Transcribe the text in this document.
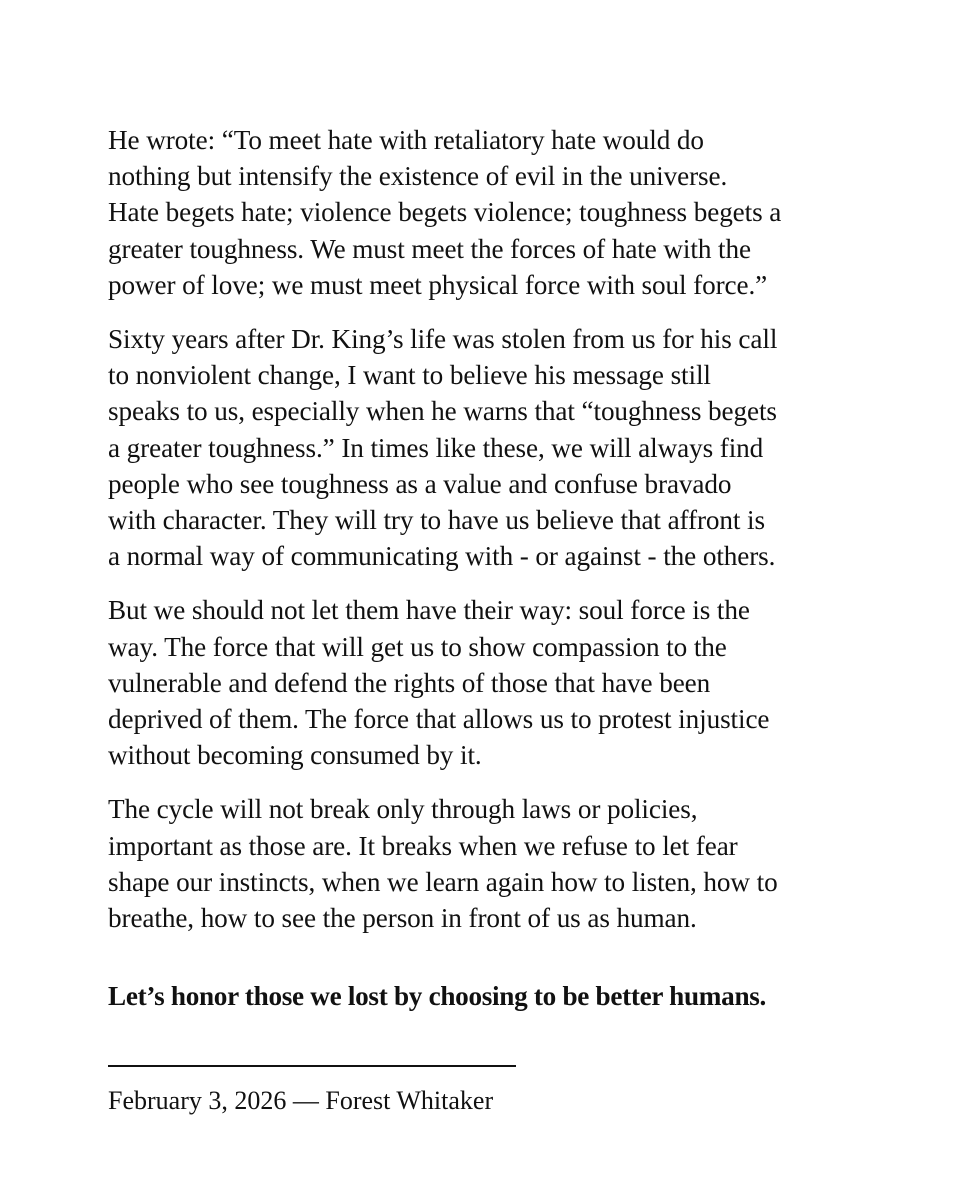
He wrote: “To meet hate with retaliatory hate would do
nothing but intensify the existence of evil in the universe.
Hate begets hate; violence begets violence; toughness begets a
greater toughness. We must meet the forces of hate with the
power of love; we must meet physical force with soul force.”

Sixty years after Dr. King’s life was stolen from us for his call
to nonviolent change, I want to believe his message still
speaks to us, especially when he warns that “toughness begets
a greater toughness.” In times like these, we will always find
people who see toughness as a value and confuse bravado
with character. They will try to have us believe that affront is
a normal way of communicating with - or against - the others.

But we should not let them have their way: soul force is the
way. The force that will get us to show compassion to the
vulnerable and defend the rights of those that have been
deprived of them. The force that allows us to protest injustice
without becoming consumed by it.

The cycle will not break only through laws or policies,
important as those are. It breaks when we refuse to let fear
shape our instincts, when we learn again how to listen, how to
breathe, how to see the person in front of us as human.

Let’s honor those we lost by choosing to be better humans.

February 3, 2026 — Forest Whitaker
